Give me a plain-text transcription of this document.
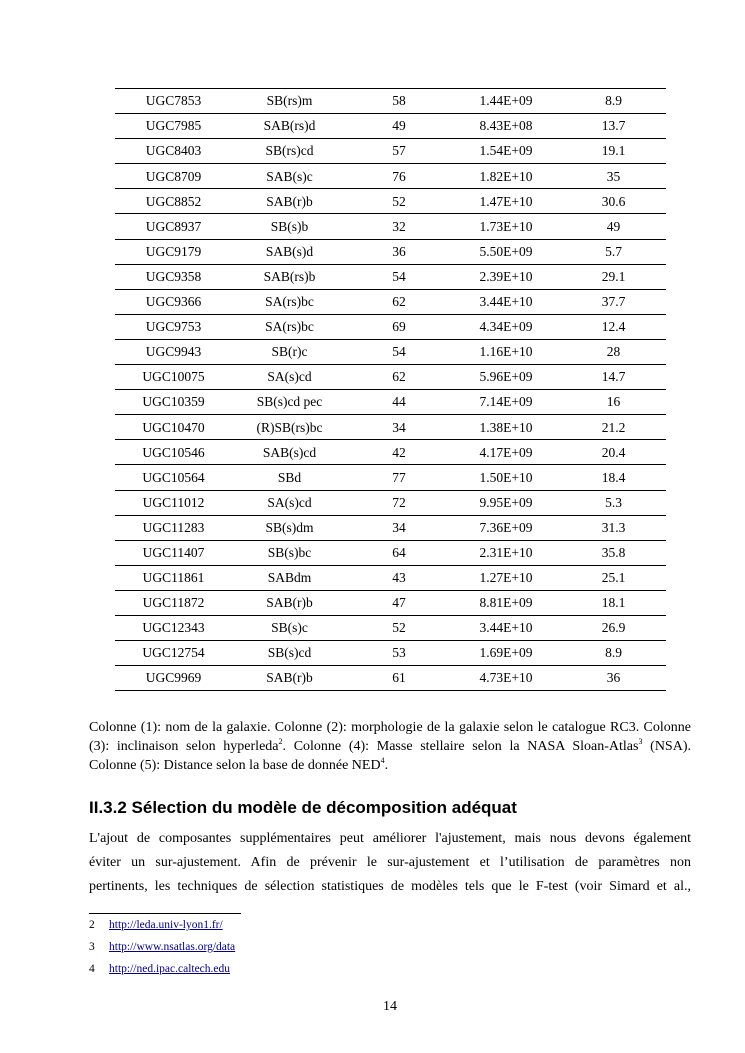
UGC7853	SB(rs)m	58	1.44E+09	8.9
UGC7985	SAB(rs)d	49	8.43E+08	13.7
UGC8403	SB(rs)cd	57	1.54E+09	19.1
UGC8709	SAB(s)c	76	1.82E+10	35
UGC8852	SAB(r)b	52	1.47E+10	30.6
UGC8937	SB(s)b	32	1.73E+10	49
UGC9179	SAB(s)d	36	5.50E+09	5.7
UGC9358	SAB(rs)b	54	2.39E+10	29.1
UGC9366	SA(rs)bc	62	3.44E+10	37.7
UGC9753	SA(rs)bc	69	4.34E+09	12.4
UGC9943	SB(r)c	54	1.16E+10	28
UGC10075	SA(s)cd	62	5.96E+09	14.7
UGC10359	SB(s)cd pec	44	7.14E+09	16
UGC10470	(R)SB(rs)bc	34	1.38E+10	21.2
UGC10546	SAB(s)cd	42	4.17E+09	20.4
UGC10564	SBd	77	1.50E+10	18.4
UGC11012	SA(s)cd	72	9.95E+09	5.3
UGC11283	SB(s)dm	34	7.36E+09	31.3
UGC11407	SB(s)bc	64	2.31E+10	35.8
UGC11861	SABdm	43	1.27E+10	25.1
UGC11872	SAB(r)b	47	8.81E+09	18.1
UGC12343	SB(s)c	52	3.44E+10	26.9
UGC12754	SB(s)cd	53	1.69E+09	8.9
UGC9969	SAB(r)b	61	4.73E+10	36
Colonne (1): nom de la galaxie. Colonne (2): morphologie de la galaxie selon le catalogue RC3. Colonne (3): inclinaison selon hyperleda$^2$. Colonne (4): Masse stellaire selon la NASA Sloan-Atlas$^3$ (NSA). Colonne (5): Distance selon la base de donnée NED$^4$.
II.3.2 Sélection du modèle de décomposition adéquat

L'ajout de composantes supplémentaires peut améliorer l'ajustement, mais nous devons également

éviter un sur-ajustement. Afin de prévenir le sur-ajustement et l’utilisation de paramètres non

pertinents, les techniques de sélection statistiques de modèles tels que le F-test (voir Simard et al.,

2	http://leda.univ-lyon1.fr/
3	http://www.nsatlas.org/data
4	http://ned.ipac.caltech.edu
14
